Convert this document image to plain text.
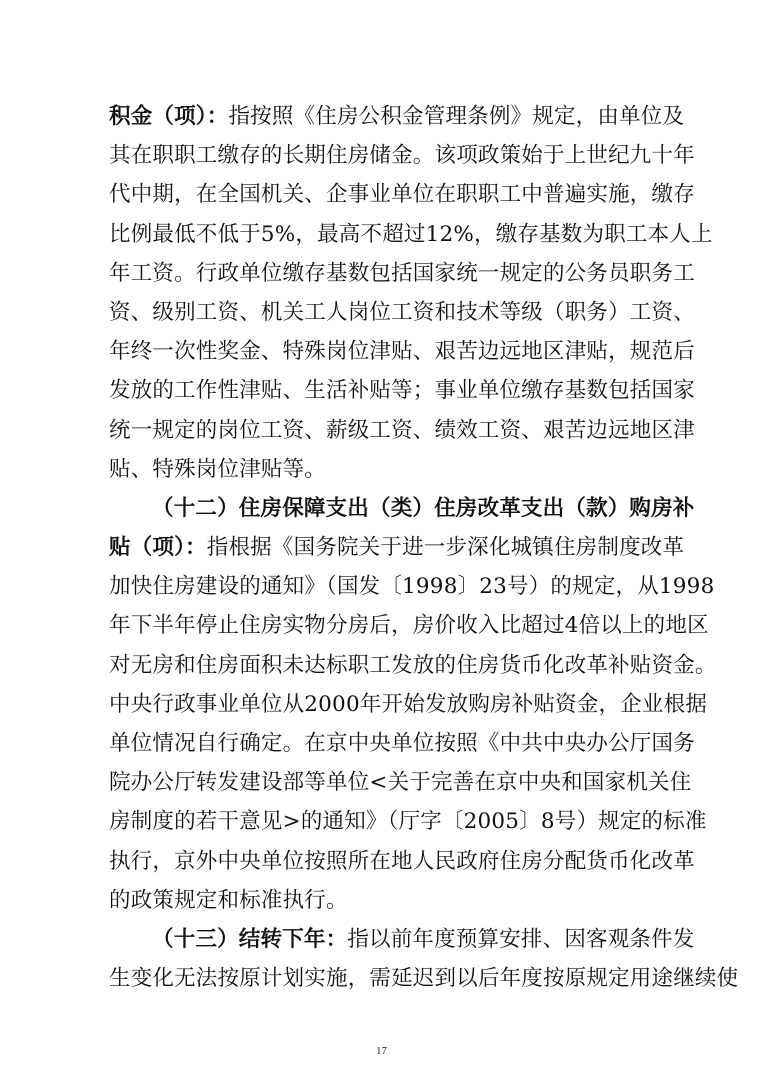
积金（项）：指按照《住房公积金管理条例》规定，由单位及
其在职职工缴存的长期住房储金。该项政策始于上世纪九十年
代中期，在全国机关、企事业单位在职职工中普遍实施，缴存
比例最低不低于5%，最高不超过12%，缴存基数为职工本人上
年工资。行政单位缴存基数包括国家统一规定的公务员职务工
资、级别工资、机关工人岗位工资和技术等级（职务）工资、
年终一次性奖金、特殊岗位津贴、艰苦边远地区津贴，规范后
发放的工作性津贴、生活补贴等；事业单位缴存基数包括国家
统一规定的岗位工资、薪级工资、绩效工资、艰苦边远地区津
贴、特殊岗位津贴等。
（十二）住房保障支出（类）住房改革支出（款）购房补
贴（项）：指根据《国务院关于进一步深化城镇住房制度改革
加快住房建设的通知》（国发〔1998〕23号）的规定，从1998
年下半年停止住房实物分房后，房价收入比超过4倍以上的地区
对无房和住房面积未达标职工发放的住房货币化改革补贴资金。
中央行政事业单位从2000年开始发放购房补贴资金，企业根据
单位情况自行确定。在京中央单位按照《中共中央办公厅国务
院办公厅转发建设部等单位<关于完善在京中央和国家机关住
房制度的若干意见>的通知》（厅字〔2005〕8号）规定的标准
执行，京外中央单位按照所在地人民政府住房分配货币化改革
的政策规定和标准执行。
（十三）结转下年：指以前年度预算安排、因客观条件发
生变化无法按原计划实施，需延迟到以后年度按原规定用途继续使
17
